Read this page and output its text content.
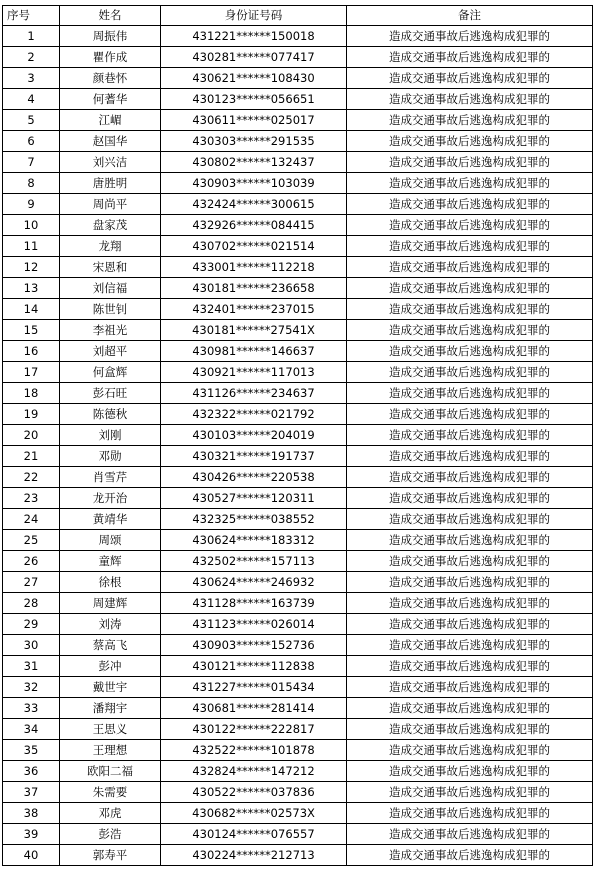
序号	姓名	身份证号码	备注
1	周振伟	431221******150018	造成交通事故后逃逸构成犯罪的
2	瞿作成	430281******077417	造成交通事故后逃逸构成犯罪的
3	颜巷怀	430621******108430	造成交通事故后逃逸构成犯罪的
4	何蓍华	430123******056651	造成交通事故后逃逸构成犯罪的
5	江嵋	430611******025017	造成交通事故后逃逸构成犯罪的
6	赵国华	430303******291535	造成交通事故后逃逸构成犯罪的
7	刘兴洁	430802******132437	造成交通事故后逃逸构成犯罪的
8	唐胜明	430903******103039	造成交通事故后逃逸构成犯罪的
9	周尚平	432424******300615	造成交通事故后逃逸构成犯罪的
10	盘家茂	432926******084415	造成交通事故后逃逸构成犯罪的
11	龙翔	430702******021514	造成交通事故后逃逸构成犯罪的
12	宋恩和	433001******112218	造成交通事故后逃逸构成犯罪的
13	刘信福	430181******236658	造成交通事故后逃逸构成犯罪的
14	陈世钊	432401******237015	造成交通事故后逃逸构成犯罪的
15	李祖光	430181******27541X	造成交通事故后逃逸构成犯罪的
16	刘超平	430981******146637	造成交通事故后逃逸构成犯罪的
17	何盒辉	430921******117013	造成交通事故后逃逸构成犯罪的
18	彭石旺	431126******234637	造成交通事故后逃逸构成犯罪的
19	陈德秋	432322******021792	造成交通事故后逃逸构成犯罪的
20	刘刚	430103******204019	造成交通事故后逃逸构成犯罪的
21	邓勋	430321******191737	造成交通事故后逃逸构成犯罪的
22	肖雪芹	430426******220538	造成交通事故后逃逸构成犯罪的
23	龙开治	430527******120311	造成交通事故后逃逸构成犯罪的
24	黄靖华	432325******038552	造成交通事故后逃逸构成犯罪的
25	周颂	430624******183312	造成交通事故后逃逸构成犯罪的
26	童辉	432502******157113	造成交通事故后逃逸构成犯罪的
27	徐根	430624******246932	造成交通事故后逃逸构成犯罪的
28	周建辉	431128******163739	造成交通事故后逃逸构成犯罪的
29	刘涛	431123******026014	造成交通事故后逃逸构成犯罪的
30	蔡高飞	430903******152736	造成交通事故后逃逸构成犯罪的
31	彭冲	430121******112838	造成交通事故后逃逸构成犯罪的
32	戴世宇	431227******015434	造成交通事故后逃逸构成犯罪的
33	潘翔宇	430681******281414	造成交通事故后逃逸构成犯罪的
34	王思义	430122******222817	造成交通事故后逃逸构成犯罪的
35	王理想	432522******101878	造成交通事故后逃逸构成犯罪的
36	欧阳二福	432824******147212	造成交通事故后逃逸构成犯罪的
37	朱需要	430522******037836	造成交通事故后逃逸构成犯罪的
38	邓虎	430682******02573X	造成交通事故后逃逸构成犯罪的
39	彭浩	430124******076557	造成交通事故后逃逸构成犯罪的
40	郭寿平	430224******212713	造成交通事故后逃逸构成犯罪的
